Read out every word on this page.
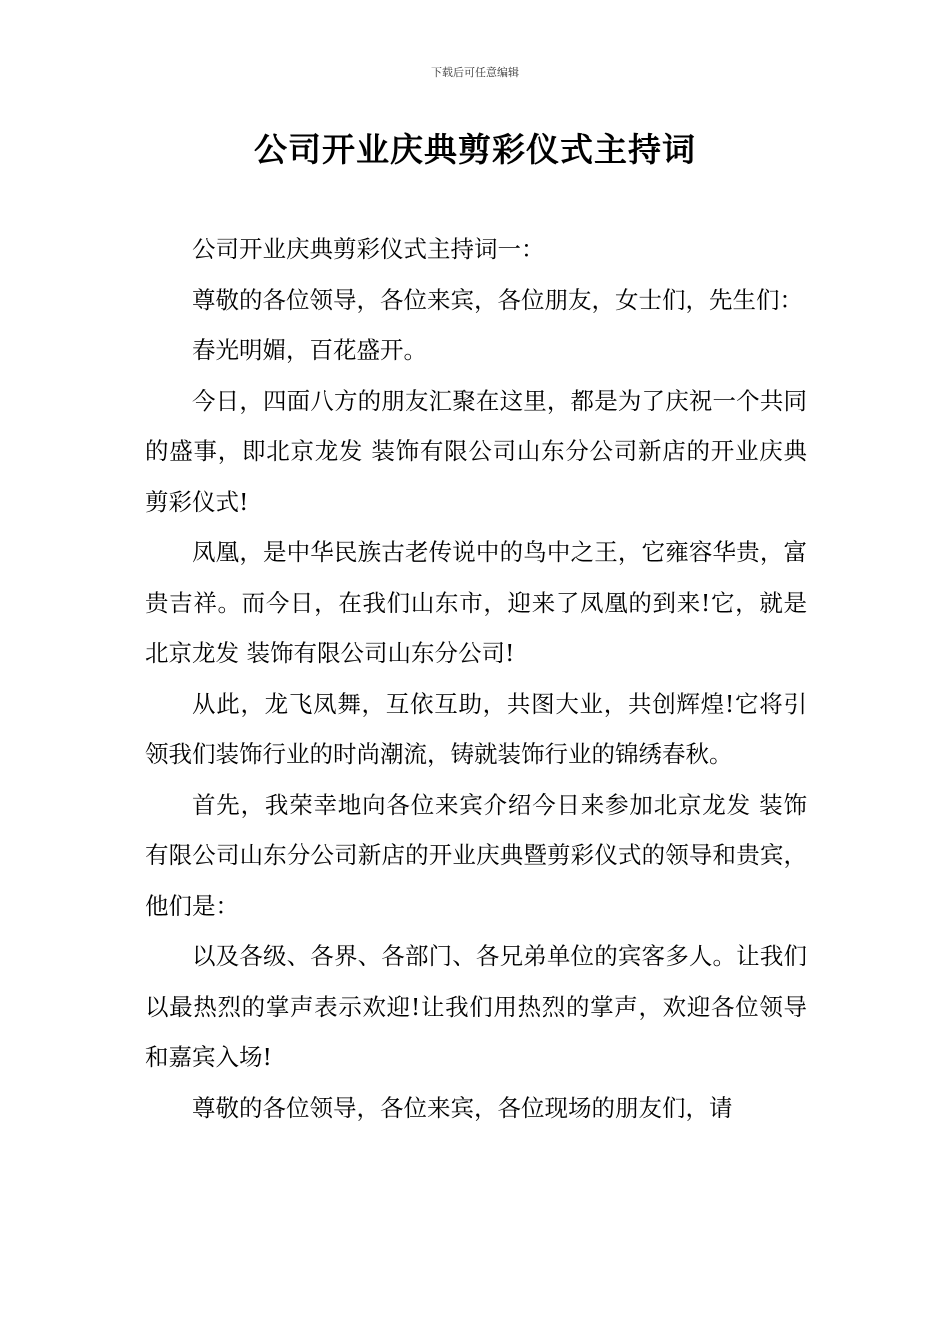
下载后可任意编辑
公司开业庆典剪彩仪式主持词

公司开业庆典剪彩仪式主持词一：

尊敬的各位领导，各位来宾，各位朋友，女士们，先生们：

春光明媚，百花盛开。

今日，四面八方的朋友汇聚在这里，都是为了庆祝一个共同的盛事，即北京龙发 装饰有限公司山东分公司新店的开业庆典剪彩仪式!

凤凰，是中华民族古老传说中的鸟中之王，它雍容华贵，富贵吉祥。而今日，在我们山东市，迎来了凤凰的到来!它，就是北京龙发 装饰有限公司山东分公司!

从此，龙飞凤舞，互依互助，共图大业，共创辉煌!它将引领我们装饰行业的时尚潮流，铸就装饰行业的锦绣春秋。

首先，我荣幸地向各位来宾介绍今日来参加北京龙发 装饰有限公司山东分公司新店的开业庆典暨剪彩仪式的领导和贵宾，他们是：

以及各级、各界、各部门、各兄弟单位的宾客多人。让我们以最热烈的掌声表示欢迎!让我们用热烈的掌声，欢迎各位领导和嘉宾入场!

尊敬的各位领导，各位来宾，各位现场的朋友们，请
